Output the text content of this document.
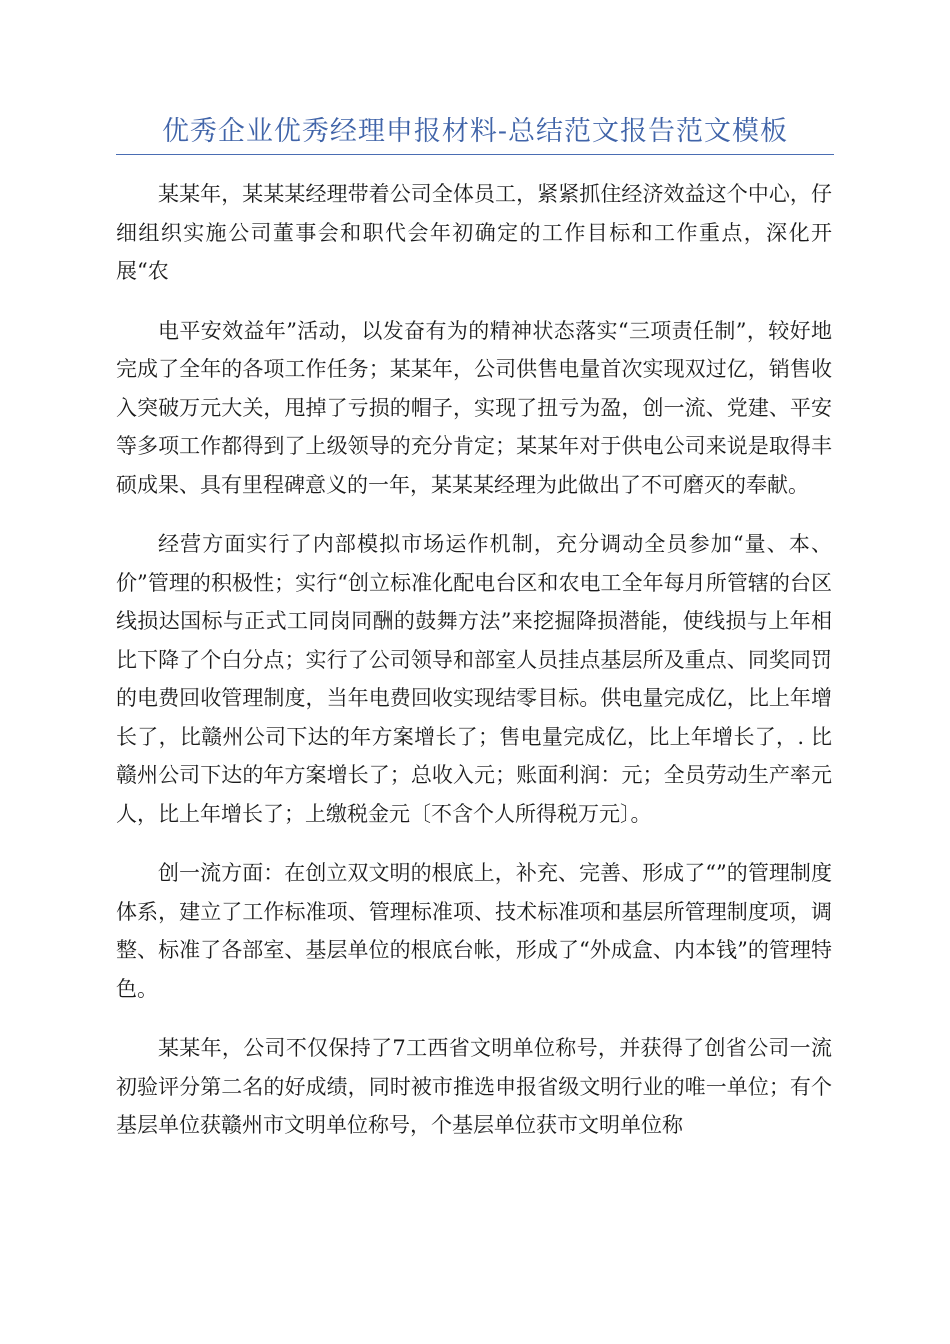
优秀企业优秀经理申报材料-总结范文报告范文模板

某某年，某某某经理带着公司全体员工，紧紧抓住经济效益这个中心，仔细组织实施公司董事会和职代会年初确定的工作目标和工作重点，深化开展“农

电平安效益年”活动，以发奋有为的精神状态落实“三项责任制”，较好地完成了全年的各项工作任务；某某年，公司供售电量首次实现双过亿，销售收入突破万元大关，甩掉了亏损的帽子，实现了扭亏为盈，创一流、党建、平安等多项工作都得到了上级领导的充分肯定；某某年对于供电公司来说是取得丰硕成果、具有里程碑意义的一年，某某某经理为此做出了不可磨灭的奉献。

经营方面实行了内部模拟市场运作机制，充分调动全员参加“量、本、价”管理的积极性；实行“创立标准化配电台区和农电工全年每月所管辖的台区线损达国标与正式工同岗同酬的鼓舞方法”来挖掘降损潜能，使线损与上年相比下降了个白分点；实行了公司领导和部室人员挂点基层所及重点、同奖同罚的电费回收管理制度，当年电费回收实现结零目标。供电量完成亿，比上年增长了，比赣州公司下达的年方案增长了；售电量完成亿，比上年增长了，. 比赣州公司下达的年方案增长了；总收入元；账面利润：元；全员劳动生产率元人，比上年增长了；上缴税金元〔不含个人所得税万元〕。

创一流方面：在创立双文明的根底上，补充、完善、形成了“”的管理制度体系，建立了工作标准项、管理标准项、技术标准项和基层所管理制度项，调整、标准了各部室、基层单位的根底台帐，形成了“外成盒、内本钱”的管理特色。

某某年，公司不仅保持了7工西省文明单位称号，并获得了创省公司一流初验评分第二名的好成绩，同时被市推选申报省级文明行业的唯一单位；有个基层单位获赣州市文明单位称号，个基层单位获市文明单位称
